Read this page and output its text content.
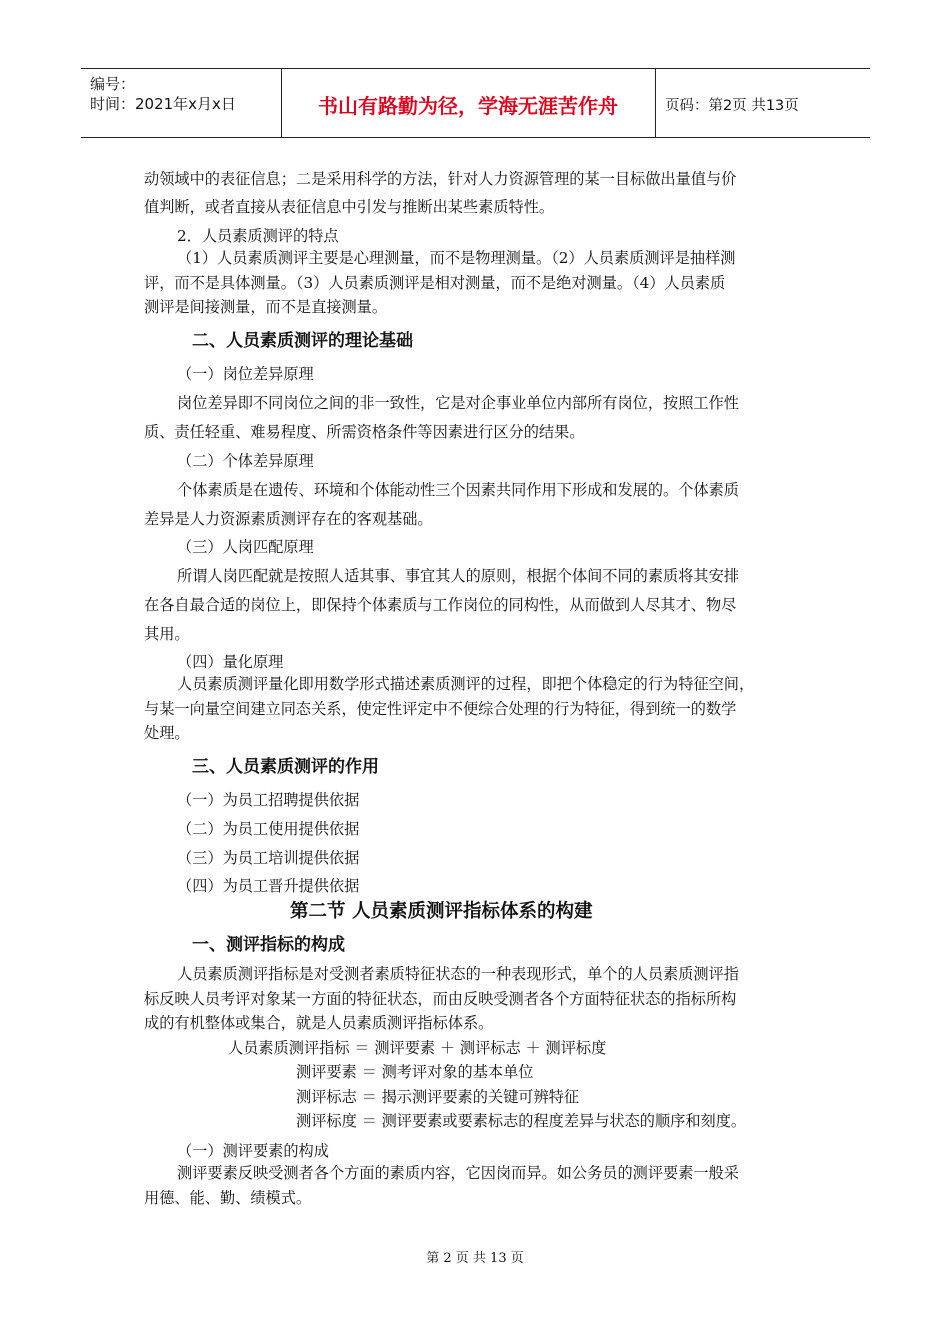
编号：
时间：2021年x月x日	书山有路勤为径，学海无涯苦作舟	页码：第2页 共13页
动领域中的表征信息；二是采用科学的方法，针对人力资源管理的某一目标做出量值与价
值判断，或者直接从表征信息中引发与推断出某些素质特性。
2．人员素质测评的特点
（1）人员素质测评主要是心理测量，而不是物理测量。（2）人员素质测评是抽样测
评，而不是具体测量。（3）人员素质测评是相对测量，而不是绝对测量。（4）人员素质
测评是间接测量，而不是直接测量。
二、人员素质测评的理论基础
（一）岗位差异原理
岗位差异即不同岗位之间的非一致性，它是对企事业单位内部所有岗位，按照工作性
质、责任轻重、难易程度、所需资格条件等因素进行区分的结果。
（二）个体差异原理
个体素质是在遗传、环境和个体能动性三个因素共同作用下形成和发展的。个体素质
差异是人力资源素质测评存在的客观基础。
（三）人岗匹配原理
所谓人岗匹配就是按照人适其事、事宜其人的原则，根据个体间不同的素质将其安排
在各自最合适的岗位上，即保持个体素质与工作岗位的同构性，从而做到人尽其才、物尽
其用。
（四）量化原理
人员素质测评量化即用数学形式描述素质测评的过程，即把个体稳定的行为特征空间，
与某一向量空间建立同态关系，使定性评定中不便综合处理的行为特征，得到统一的数学
处理。
三、人员素质测评的作用
（一）为员工招聘提供依据
（二）为员工使用提供依据
（三）为员工培训提供依据
（四）为员工晋升提供依据
第二节 人员素质测评指标体系的构建
一、测评指标的构成
人员素质测评指标是对受测者素质特征状态的一种表现形式，单个的人员素质测评指
标反映人员考评对象某一方面的特征状态，而由反映受测者各个方面特征状态的指标所构
成的有机整体或集合，就是人员素质测评指标体系。
人员素质测评指标 ＝ 测评要素 ＋ 测评标志 ＋ 测评标度
测评要素 ＝ 测考评对象的基本单位
测评标志 ＝ 揭示测评要素的关键可辨特征
测评标度 ＝ 测评要素或要素标志的程度差异与状态的顺序和刻度。
（一）测评要素的构成
测评要素反映受测者各个方面的素质内容，它因岗而异。如公务员的测评要素一般采
用德、能、勤、绩模式。
第 2 页 共 13 页
